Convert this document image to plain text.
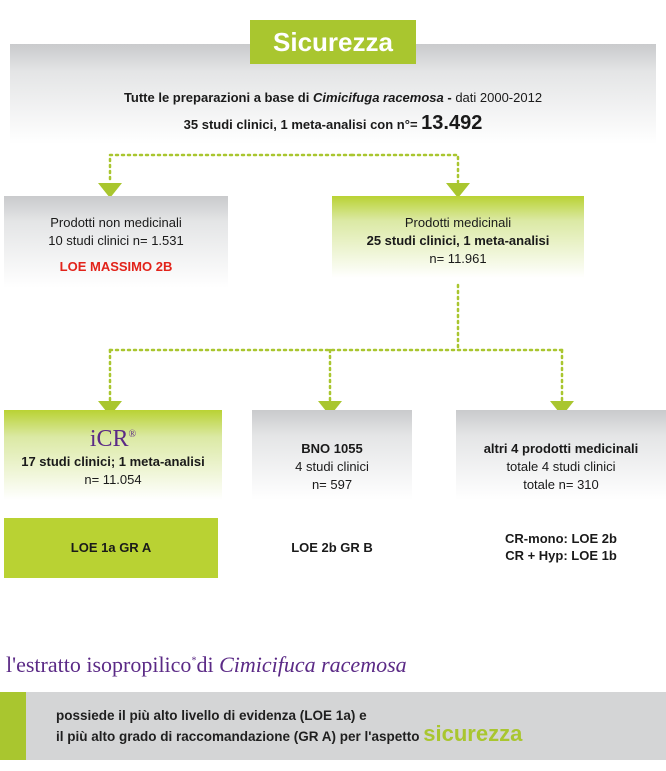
Sicurezza
Tutte le preparazioni a base di Cimicifuga racemosa - dati 2000-2012
35 studi clinici, 1 meta-analisi con n°= 13.492
Prodotti non medicinali
10 studi clinici n= 1.531
LOE MASSIMO 2B
Prodotti medicinali
25 studi clinici, 1 meta-analisi
n= 11.961
iCR®
17 studi clinici; 1 meta-analisi
n= 11.054
LOE 1a GR A
BNO 1055
4 studi clinici
n= 597
LOE 2b GR B
altri 4 prodotti medicinali
totale 4 studi clinici
totale n= 310
CR-mono: LOE 2b
CR + Hyp: LOE 1b
l'estratto isopropilico*di Cimicifuca racemosa
possiede il più alto livello di evidenza (LOE 1a) e
il più alto grado di raccomandazione (GR A) per l'aspetto sicurezza
